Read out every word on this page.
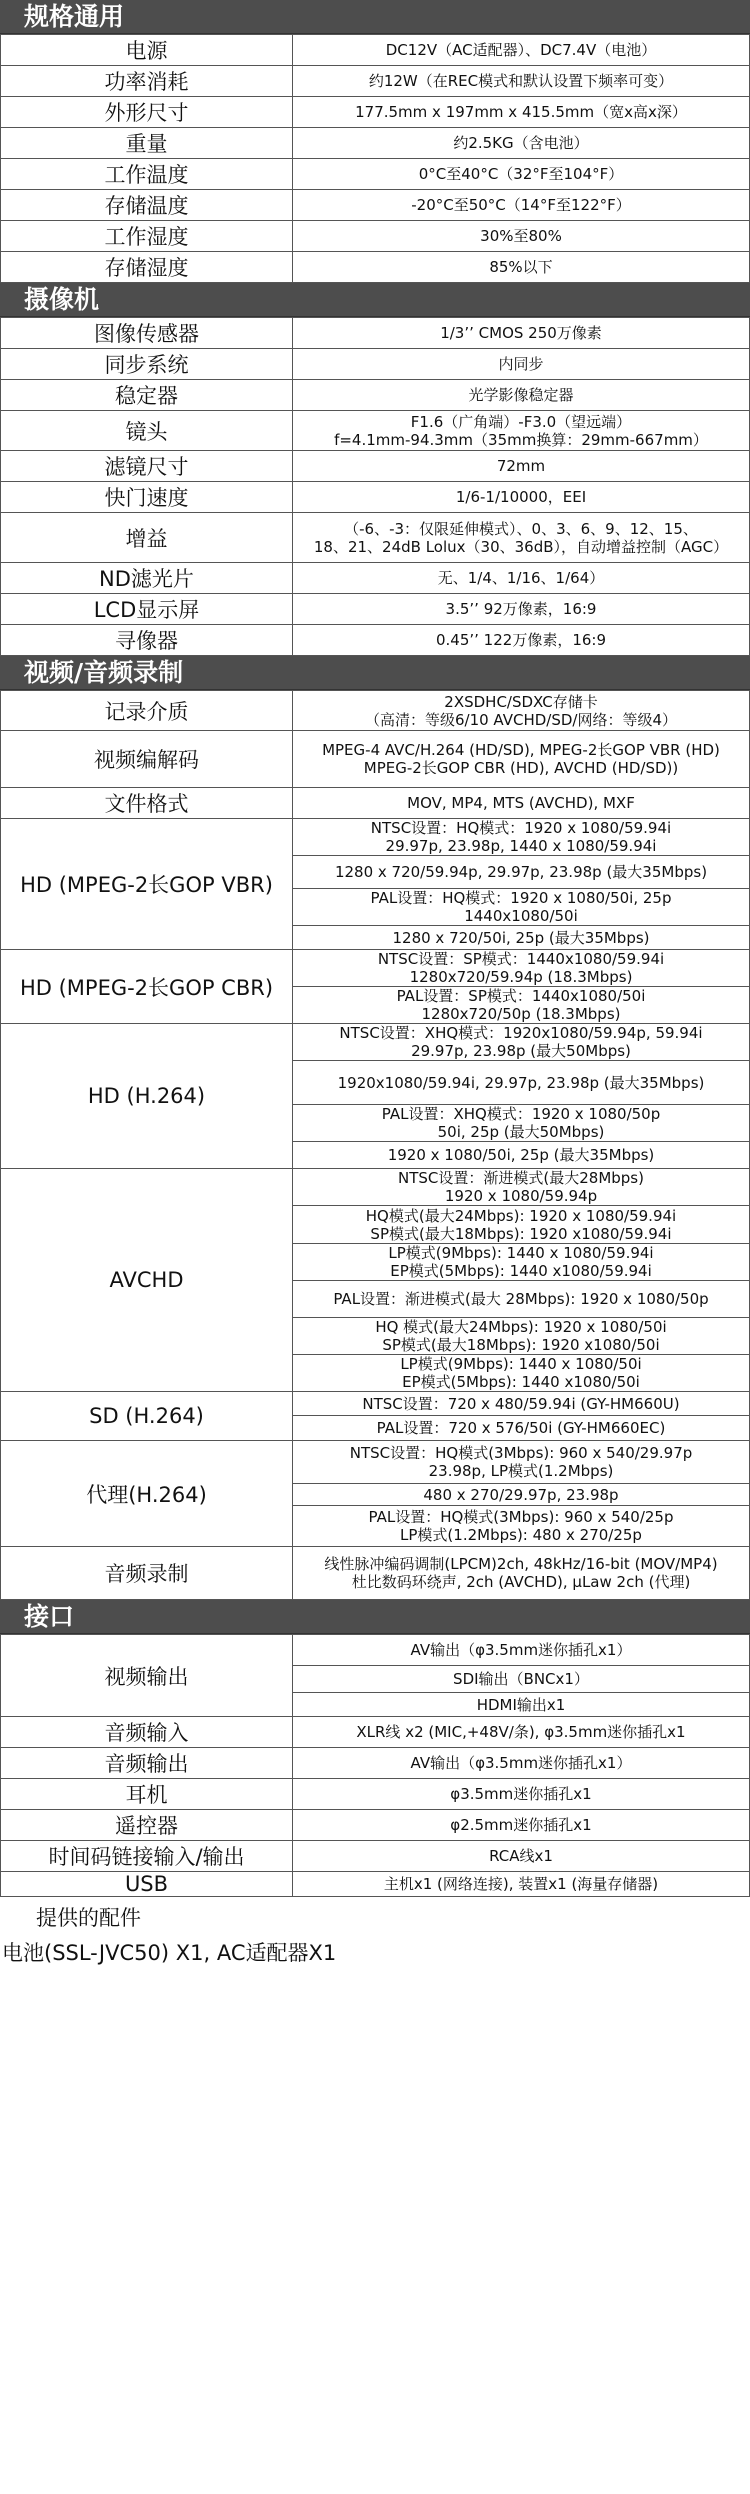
规格通用
电源	DC12V（AC适配器）、DC7.4V（电池）
功率消耗	约12W（在REC模式和默认设置下频率可变）
外形尺寸	177.5mm x 197mm x 415.5mm（宽x高x深）
重量	约2.5KG（含电池）
工作温度	0°C至40°C（32°F至104°F）
存储温度	-20°C至50°C（14°F至122°F）
工作湿度	30%至80%
存储湿度	85%以下
摄像机
图像传感器	1/3’’ CMOS 250万像素
同步系统	内同步
稳定器	光学影像稳定器
镜头	F1.6（广角端）-F3.0（望远端）
f=4.1mm-94.3mm（35mm换算：29mm-667mm）
滤镜尺寸	72mm
快门速度	1/6-1/10000，EEI
增益	（-6、-3：仅限延伸模式）、0、3、6、9、12、15、
18、21、24dB Lolux（30、36dB），自动增益控制（AGC）
ND滤光片	无、1/4、1/16、1/64）
LCD显示屏	3.5’’ 92万像素，16:9
寻像器	0.45’’ 122万像素，16:9
视频/音频录制
记录介质	2XSDHC/SDXC存储卡
（高清：等级6/10 AVCHD/SD/网络：等级4）
视频编解码	MPEG-4 AVC/H.264 (HD/SD), MPEG-2长GOP VBR (HD)
MPEG-2长GOP CBR (HD), AVCHD (HD/SD))
文件格式	MOV, MP4, MTS (AVCHD), MXF
HD (MPEG-2长GOP VBR)	NTSC设置：HQ模式：1920 x 1080/59.94i
29.97p, 23.98p, 1440 x 1080/59.94i
	1280 x 720/59.94p, 29.97p, 23.98p (最大35Mbps)
	PAL设置：HQ模式：1920 x 1080/50i, 25p
1440x1080/50i
	1280 x 720/50i, 25p (最大35Mbps)
HD (MPEG-2长GOP CBR)	NTSC设置：SP模式：1440x1080/59.94i
1280x720/59.94p (18.3Mbps)
	PAL设置：SP模式：1440x1080/50i
1280x720/50p (18.3Mbps)
HD (H.264)	NTSC设置：XHQ模式：1920x1080/59.94p, 59.94i
29.97p, 23.98p (最大50Mbps)
	1920x1080/59.94i, 29.97p, 23.98p (最大35Mbps)
	PAL设置：XHQ模式：1920 x 1080/50p
50i, 25p (最大50Mbps)
	1920 x 1080/50i, 25p (最大35Mbps)
AVCHD	NTSC设置：渐进模式(最大28Mbps)
1920 x 1080/59.94p
	HQ模式(最大24Mbps): 1920 x 1080/59.94i
SP模式(最大18Mbps): 1920 x1080/59.94i
	LP模式(9Mbps): 1440 x 1080/59.94i
EP模式(5Mbps): 1440 x1080/59.94i
	PAL设置：渐进模式(最大 28Mbps): 1920 x 1080/50p
	HQ 模式(最大24Mbps): 1920 x 1080/50i
SP模式(最大18Mbps): 1920 x1080/50i
	LP模式(9Mbps): 1440 x 1080/50i
EP模式(5Mbps): 1440 x1080/50i
SD (H.264)	NTSC设置：720 x 480/59.94i (GY-HM660U)
	PAL设置：720 x 576/50i (GY-HM660EC)
代理(H.264)	NTSC设置：HQ模式(3Mbps): 960 x 540/29.97p
23.98p, LP模式(1.2Mbps)
	480 x 270/29.97p, 23.98p
	PAL设置：HQ模式(3Mbps): 960 x 540/25p
LP模式(1.2Mbps): 480 x 270/25p
音频录制	线性脉冲编码调制(LPCM)2ch, 48kHz/16-bit (MOV/MP4)
杜比数码环绕声, 2ch (AVCHD), µLaw 2ch (代理)
接口
视频输出	AV输出（φ3.5mm迷你插孔x1）
	SDI输出（BNCx1）
	HDMI输出x1
音频输入	XLR线 x2 (MIC,+48V/条), φ3.5mm迷你插孔x1
音频输出	AV输出（φ3.5mm迷你插孔x1）
耳机	φ3.5mm迷你插孔x1
遥控器	φ2.5mm迷你插孔x1
时间码链接输入/输出	RCA线x1
USB	主机x1 (网络连接), 装置x1 (海量存储器)
提供的配件
电池(SSL-JVC50) X1, AC适配器X1
